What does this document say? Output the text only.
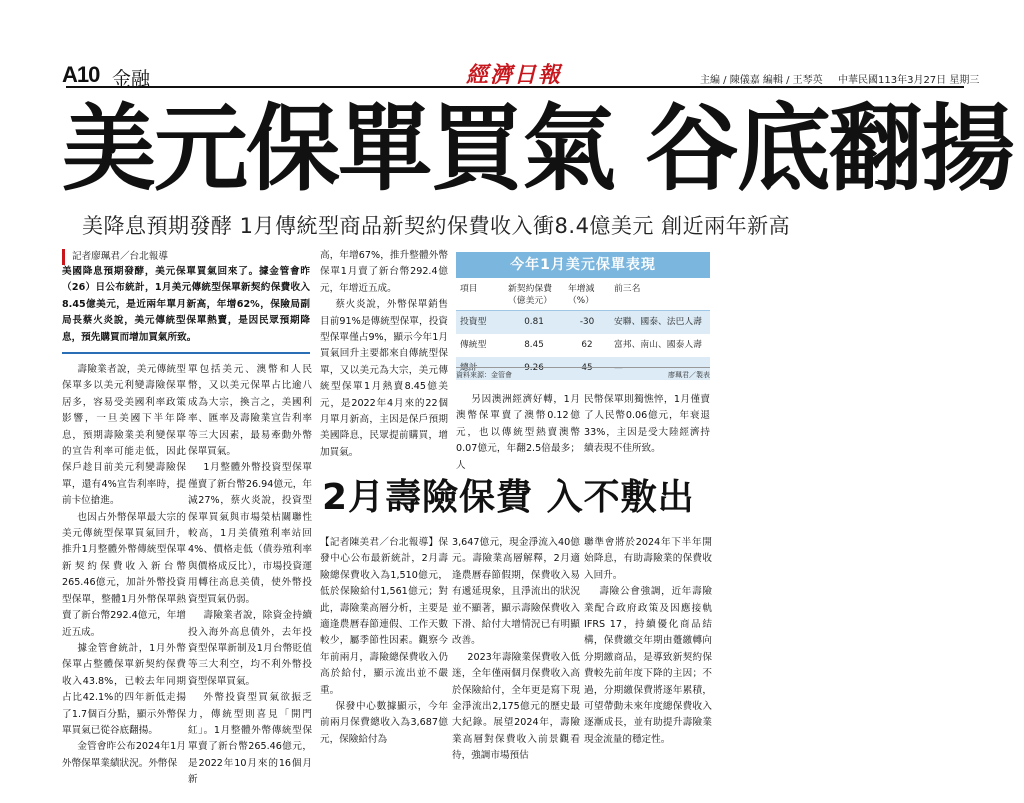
A10 金融	經濟日報	主編 / 陳儀嘉 編輯 / 王琴英 中華民國113年3月27日 星期三
美元保單買氣 谷底翻揚
美降息預期發酵 1月傳統型商品新契約保費收入衝8.4億美元 創近兩年新高
記者廖珮君／台北報導
美國降息預期發酵，美元保單買氣回來了。據金管會昨（26）日公布統計，1月美元傳統型保單新契約保費收入8.45億美元，是近兩年單月新高，年增62%，保險局副局長蔡火炎說，美元傳統型保單熱賣，是因民眾預期降息，預先購買而增加買氣所致。

壽險業者說，美元傳統型保單多以美元利變壽險保單居多，容易受美國利率政策影響，一旦美國下半年降息，預期壽險業美利變保單的宣告利率可能走低，因此保戶趁目前美元利變壽險保單，還有4%宣告利率時，提前卡位搶進。

也因占外幣保單最大宗的美元傳統型保單買氣回升，推升1月整體外幣傳統型保單新契約保費收入新台幣265.46億元，加計外幣投資型保單，整體1月外幣保單熱賣了新台幣292.4億元，年增近五成。

據金管會統計，1月外幣保單占整體保單新契約保費收入43.8%，已較去年同期占比42.1%的四年新低走揚了1.7個百分點，顯示外幣保單買氣已從谷底翻揚。

金管會昨公布2024年1月外幣保單業績狀況。外幣保

單包括美元、澳幣和人民幣，又以美元保單占比逾八成為大宗，換言之，美國利率、匯率及壽險業宣告利率等三大因素，最易牽動外幣保單買氣。

1月整體外幣投資型保單僅賣了新台幣26.94億元，年減27%，蔡火炎說，投資型保單買氣與市場榮枯關聯性較高，1月美債殖利率站回4%、價格走低（債券殖利率與價格成反比），市場投資運用轉往高息美債，使外幣投資型買氣仍弱。

壽險業者說，除資金持續投入海外高息債外，去年投資型保單新制及1月台幣貶值等三大利空，均不利外幣投資型保單買氣。

外幣投資型買氣欲振乏力，傳統型則喜見「開門紅」。1月整體外幣傳統型保單賣了新台幣265.46億元，是2022年10月來的16個月新

高，年增67%，推升整體外幣保單1月賣了新台幣292.4億元，年增近五成。

蔡火炎說，外幣保單銷售目前91%是傳統型保單，投資型保單僅占9%，顯示今年1月買氣回升主要都來自傳統型保單，又以美元為大宗，美元傳統型保單1月熱賣8.45億美元，是2022年4月來的22個月單月新高，主因是保戶預期美國降息，民眾提前購買，增加買氣。

今年1月美元保單表現
項目	新契約保費（億美元）	年增減（%）	前三名
投資型	0.81	-30	安聯、國泰、法巴人壽
傳統型	8.45	62	富邦、南山、國泰人壽
總計	9.26	45	—
資料來源：金管會	廖珮君／製表

另因澳洲經濟好轉，1月澳幣保單賣了澳幣0.12億元，也以傳統型熱賣澳幣0.07億元，年翻2.5倍最多；人

民幣保單則獨憔悴，1月僅賣了人民幣0.06億元，年衰退33%，主因是受大陸經濟持續表現不佳所致。

2月壽險保費 入不敷出

【記者陳美君／台北報導】保發中心公布最新統計，2月壽險總保費收入為1,510億元，低於保險給付1,561億元；對此，壽險業高層分析，主要是適逢農曆春節連假、工作天數較少，屬季節性因素。觀察今年前兩月，壽險總保費收入仍高於給付，顯示流出並不嚴重。

保發中心數據顯示，今年前兩月保費總收入為3,687億元，保險給付為

3,647億元，現金淨流入40億元。壽險業高層解釋，2月適逢農曆春節假期，保費收入易有遞延現象，且淨流出的狀況並不顯著，顯示壽險保費收入下滑、給付大增情況已有明顯改善。

2023年壽險業保費收入低迷，全年僅兩個月保費收入高於保險給付，全年更是寫下現金淨流出2,175億元的歷史最大紀錄。展望2024年，壽險業高層對保費收入前景觀看待，強調市場預估

聯準會將於2024年下半年開始降息，有助壽險業的保費收入回升。

壽險公會強調，近年壽險業配合政府政策及因應接軌IFRS 17，持續優化商品結構，保費繳交年期由躉繳轉向分期繳商品，是導致新契約保費較先前年度下降的主因；不過，分期繳保費將逐年累積，可望帶動未來年度總保費收入逐漸成長，並有助提升壽險業現金流量的穩定性。
